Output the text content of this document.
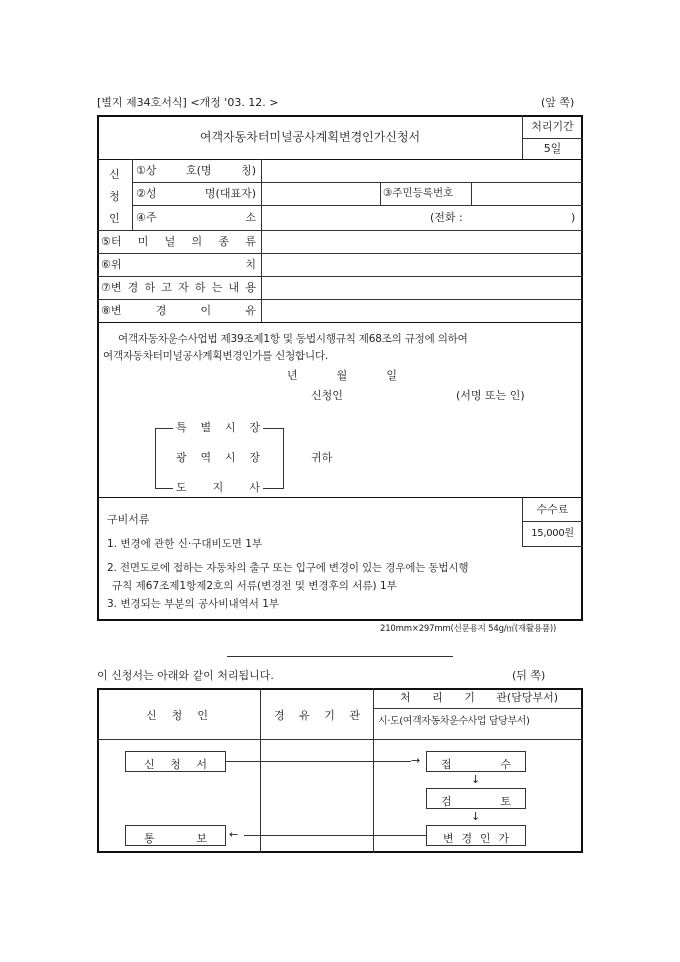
[별지 제34호서식] <개정 '03. 12. >	(앞 쪽)
여객자동차터미널공사계획변경인가신청서
처리기간
5일
신
청
인
①상	호(명	칭)
②성	명(대표자)	③주민등록번호
④주	소	(전화 :	)
⑤터 미 널 의 종 류
⑥위	치
⑦변 경 하 고 자 하 는 내 용
⑧변	경	이	유
여객자동차운수사업법 제39조제1항 및 동법시행규칙 제68조의 규정에 의하여
여객자동차터미널공사계획변경인가를 신청합니다.
년	월	일
신청인	(서명 또는 인)
특 별 시 장
광 역 시 장
도 지 사
귀하
구비서류
1. 변경에 관한 신·구대비도면 1부
2. 전면도로에 접하는 자동차의 출구 또는 입구에 변경이 있는 경우에는 동법시행
규칙 제67조제1항제2호의 서류(변경전 및 변경후의 서류) 1부
3. 변경되는 부분의 공사비내역서 1부
수수료
15,000원
210mm×297mm(신문용지 54g/㎡(재활용품))
이 신청서는 아래와 같이 처리됩니다.	(뒤 쪽)
신 청 인	경 유 기 관
처 리 기 관(담당부서)
시·도(여객자동차운수사업 담당부서)
신 청 서	접	수
검	토
변 경 인 가
통	보
→
↓
↓
←
